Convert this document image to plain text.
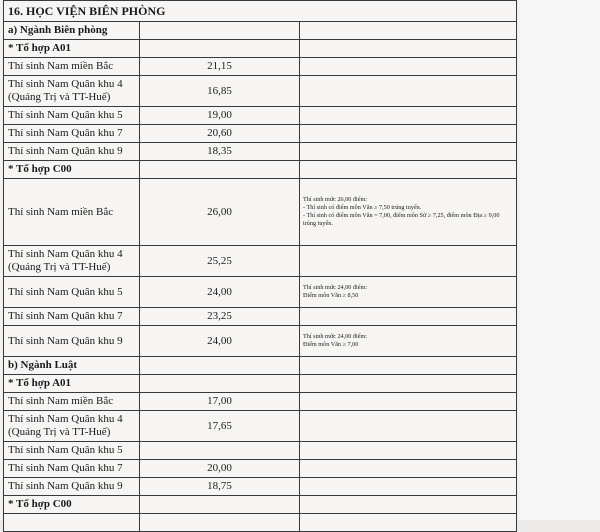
16. HỌC VIỆN BIÊN PHÒNG		
a) Ngành Biên phòng		
* Tổ hợp A01		
Thí sinh Nam miền Bắc	21,15	
Thí sinh Nam Quân khu 4 (Quảng Trị và TT-Huế)	16,85	
Thí sinh Nam Quân khu 5	19,00	
Thí sinh Nam Quân khu 7	20,60	
Thí sinh Nam Quân khu 9	18,35	
* Tổ hợp C00		
Thí sinh Nam miền Bắc	26,00	Thí sinh mức 26,00 điểm:
- Thí sinh có điểm môn Văn ≥ 7,50 trúng tuyển.
- Thí sinh có điểm môn Văn = 7,00, điểm môn Sử ≥ 7,25, điểm môn Địa ≥ 9,00 trúng tuyển.

Thí sinh Nam Quân khu 4 (Quảng Trị và TT-Huế)	25,25	
Thí sinh Nam Quân khu 5	24,00	Thí sinh mức 24,00 điểm:
Điểm môn Văn ≥ 8,50

Thí sinh Nam Quân khu 7	23,25	
Thí sinh Nam Quân khu 9	24,00	Thí sinh mức 24,00 điểm:
Điểm môn Văn ≥ 7,00

b) Ngành Luật		
* Tổ hợp A01		
Thí sinh Nam miền Bắc	17,00	
Thí sinh Nam Quân khu 4 (Quảng Trị và TT-Huế)	17,65	
Thí sinh Nam Quân khu 5		
Thí sinh Nam Quân khu 7	20,00	
Thí sinh Nam Quân khu 9	18,75	
* Tổ hợp C00		
